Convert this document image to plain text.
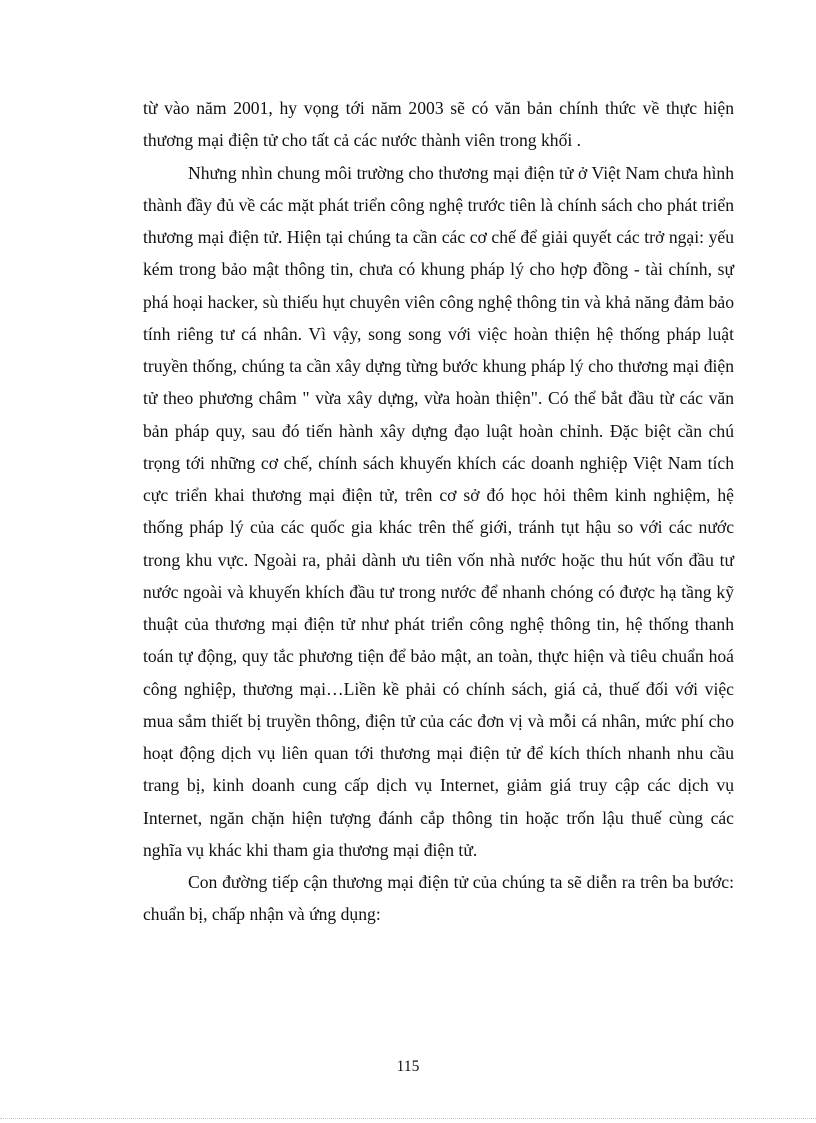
từ vào năm 2001, hy vọng tới năm 2003 sẽ có văn bản chính thức về thực hiện thương mại điện tử cho tất cả các nước thành viên trong khối .

Nhưng nhìn chung môi trường cho thương mại điện tử ở Việt Nam chưa hình thành đầy đủ về các mặt phát triển công nghệ trước tiên là chính sách cho phát triển thương mại điện tử. Hiện tại chúng ta cần các cơ chế để giải quyết các trở ngại: yếu kém trong bảo mật thông tin, chưa có khung pháp lý cho hợp đồng - tài chính, sự phá hoại hacker, sù thiếu hụt chuyên viên công nghệ thông tin và khả năng đảm bảo tính riêng tư cá nhân. Vì vậy, song song với việc hoàn thiện hệ thống pháp luật truyền thống, chúng ta cần xây dựng từng bước khung pháp lý cho thương mại điện tử theo phương châm " vừa xây dựng, vừa hoàn thiện". Có thể bắt đầu từ các văn bản pháp quy, sau đó tiến hành xây dựng đạo luật hoàn chỉnh. Đặc biệt cần chú trọng tới những cơ chế, chính sách khuyến khích các doanh nghiệp Việt Nam tích cực triển khai thương mại điện tử, trên cơ sở đó học hỏi thêm kinh nghiệm, hệ thống pháp lý của các quốc gia khác trên thế giới, tránh tụt hậu so với các nước trong khu vực. Ngoài ra, phải dành ưu tiên vốn nhà nước hoặc thu hút vốn đầu tư nước ngoài và khuyến khích đầu tư trong nước để nhanh chóng có được hạ tầng kỹ thuật của thương mại điện tử như phát triển công nghệ thông tin, hệ thống thanh toán tự động, quy tắc phương tiện để bảo mật, an toàn, thực hiện và tiêu chuẩn hoá công nghiệp, thương mại…Liền kề phải có chính sách, giá cả, thuế đối với việc mua sắm thiết bị truyền thông, điện tử của các đơn vị và mỗi cá nhân, mức phí cho hoạt động dịch vụ liên quan tới thương mại điện tử để kích thích nhanh nhu cầu trang bị, kinh doanh cung cấp dịch vụ Internet, giảm giá truy cập các dịch vụ Internet, ngăn chặn hiện tượng đánh cắp thông tin hoặc trốn lậu thuế cùng các nghĩa vụ khác khi tham gia thương mại điện tử.

Con đường tiếp cận thương mại điện tử của chúng ta sẽ diễn ra trên ba bước: chuẩn bị, chấp nhận và ứng dụng:

115
